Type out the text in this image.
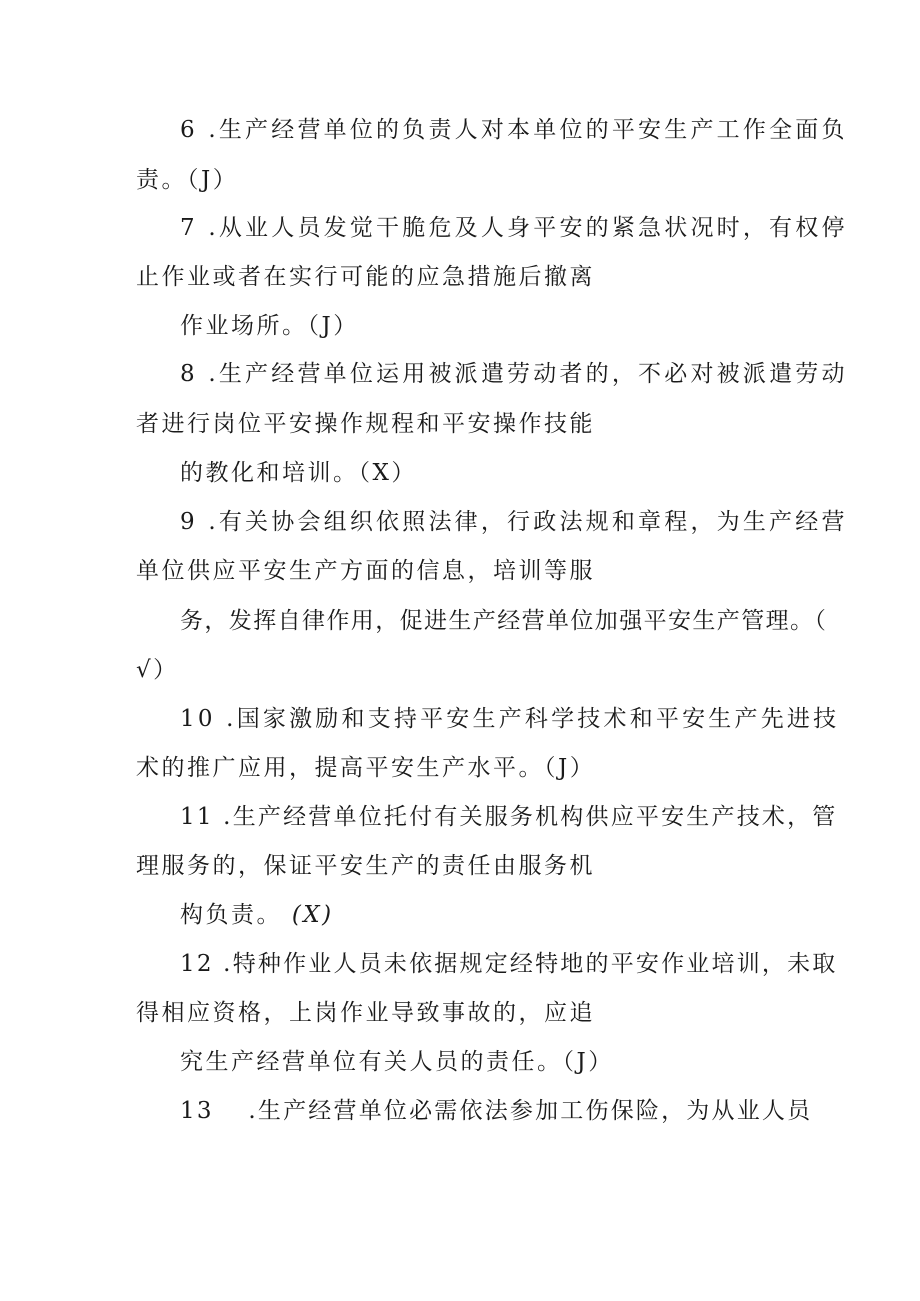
6 .生产经营单位的负责人对本单位的平安生产工作全面负

责。（J）

7 .从业人员发觉干脆危及人身平安的紧急状况时，有权停

止作业或者在实行可能的应急措施后撤离

作业场所。（J）

8 .生产经营单位运用被派遣劳动者的，不必对被派遣劳动

者进行岗位平安操作规程和平安操作技能

的教化和培训。（X）

9 .有关协会组织依照法律，行政法规和章程，为生产经营

单位供应平安生产方面的信息，培训等服

务，发挥自律作用，促进生产经营单位加强平安生产管理。（

√）

10 .国家激励和支持平安生产科学技术和平安生产先进技

术的推广应用，提高平安生产水平。（J）

11 .生产经营单位托付有关服务机构供应平安生产技术，管

理服务的，保证平安生产的责任由服务机

构负责。 (X)

12 .特种作业人员未依据规定经特地的平安作业培训，未取

得相应资格，上岗作业导致事故的，应追

究生产经营单位有关人员的责任。（J）

13　 .生产经营单位必需依法参加工伤保险，为从业人员
